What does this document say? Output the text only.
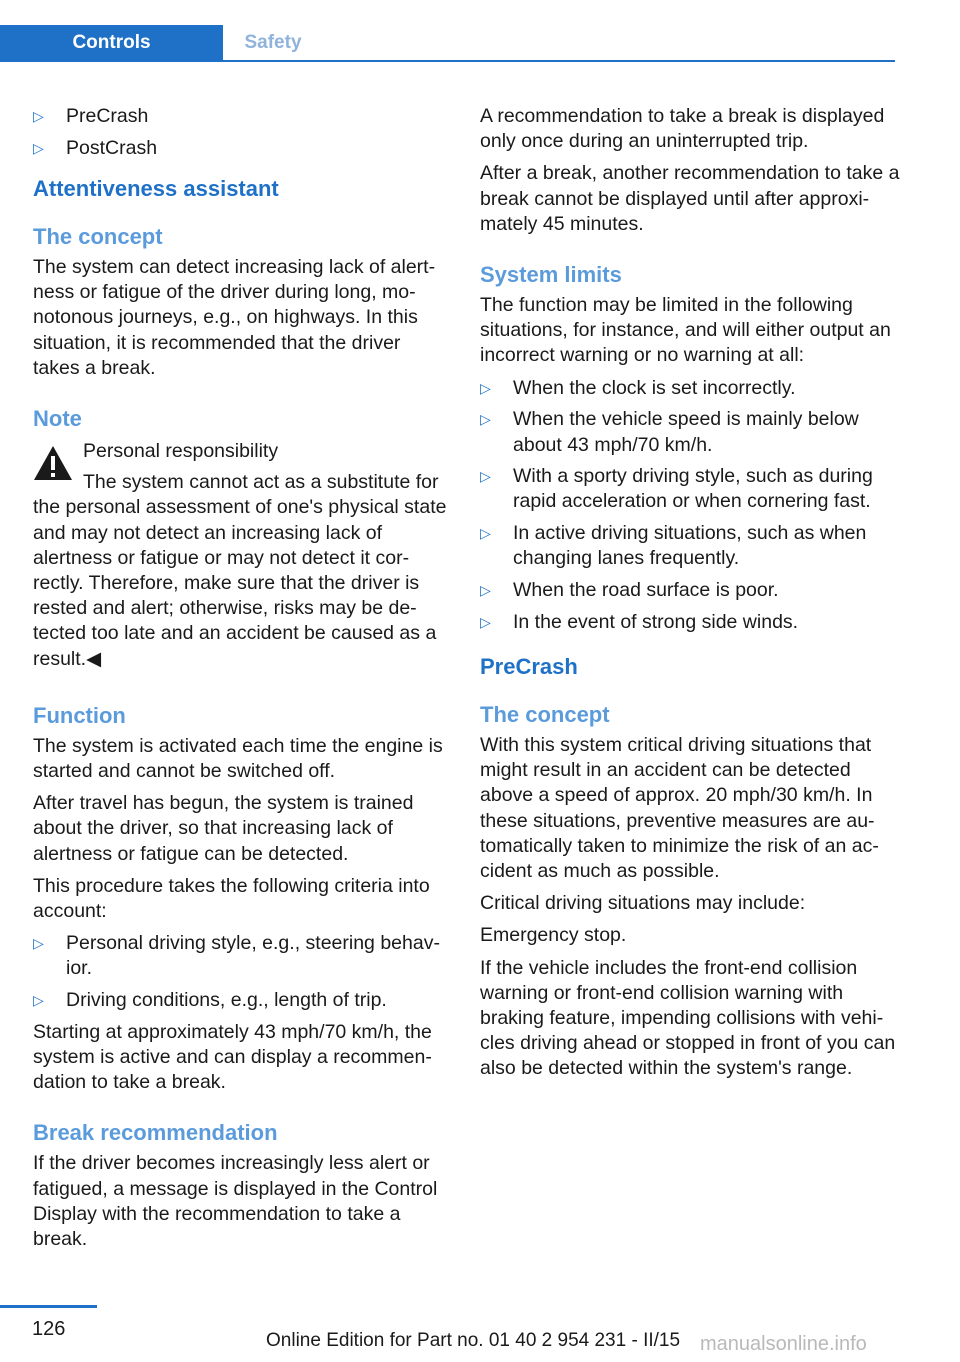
Controls	Safety
▷ PreCrash
▷ PostCrash
Attentiveness assistant
The concept

The system can detect increasing lack of alert‐ness or fatigue of the driver during long, mo‐notonous journeys, e.g., on highways. In this situation, it is recommended that the driver takes a break.

Note

Personal responsibility

The system cannot act as a substitute for the personal assessment of one's physical state and may not detect an increasing lack of alertness or fatigue or may not detect it cor‐rectly. Therefore, make sure that the driver is rested and alert; otherwise, risks may be de‐tected too late and an accident be caused as a result.◀

Function

The system is activated each time the engine is started and cannot be switched off.

After travel has begun, the system is trained about the driver, so that increasing lack of alertness or fatigue can be detected.

This procedure takes the following criteria into account:

▷ Personal driving style, e.g., steering behav‐ior.
▷ Driving conditions, e.g., length of trip.

Starting at approximately 43 mph/70 km/h, the system is active and can display a recommen‐dation to take a break.

Break recommendation

If the driver becomes increasingly less alert or fatigued, a message is displayed in the Control Display with the recommendation to take a break.

A recommendation to take a break is displayed only once during an uninterrupted trip.

After a break, another recommendation to take a break cannot be displayed until after approxi‐mately 45 minutes.

System limits

The function may be limited in the following situations, for instance, and will either output an incorrect warning or no warning at all:

▷ When the clock is set incorrectly.
▷ When the vehicle speed is mainly below about 43 mph/70 km/h.
▷ With a sporty driving style, such as during rapid acceleration or when cornering fast.
▷ In active driving situations, such as when changing lanes frequently.
▷ When the road surface is poor.
▷ In the event of strong side winds.
PreCrash
The concept

With this system critical driving situations that might result in an accident can be detected above a speed of approx. 20 mph/30 km/h. In these situations, preventive measures are au‐tomatically taken to minimize the risk of an ac‐cident as much as possible.

Critical driving situations may include:

Emergency stop.

If the vehicle includes the front-end collision warning or front-end collision warning with braking feature, impending collisions with vehi‐cles driving ahead or stopped in front of you can also be detected within the system's range.

126
Online Edition for Part no. 01 40 2 954 231 - II/15 manualsonline.info
